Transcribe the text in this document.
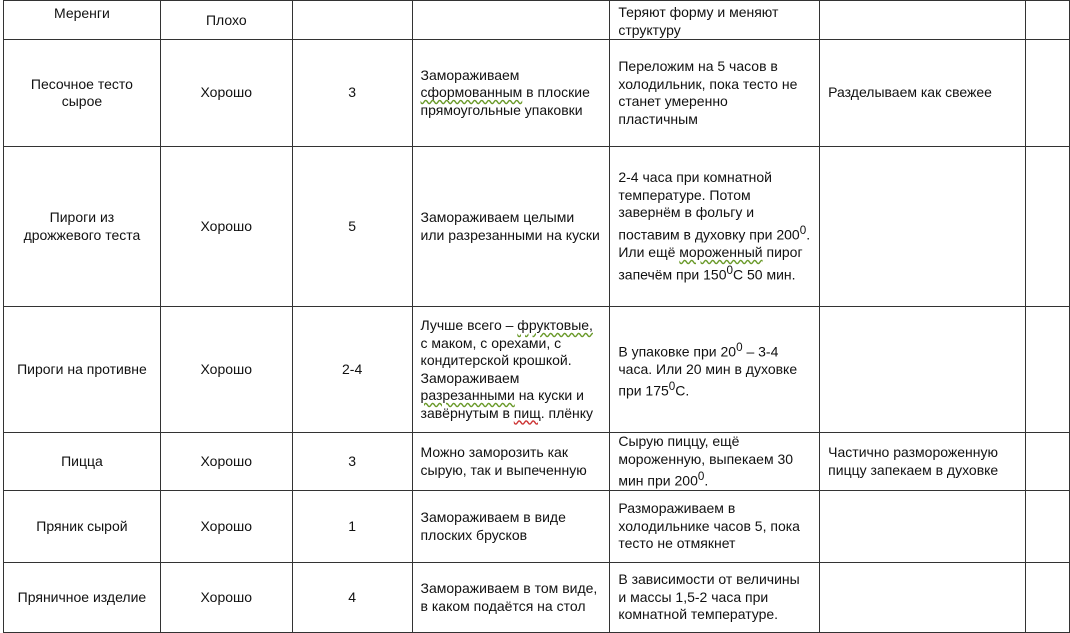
Меренги	Плохо			Теряют форму и меняют структуру		
Песочное тесто сырое	Хорошо	3	Замораживаем сформованным в плоские прямоугольные упаковки	Переложим на 5 часов в холодильник, пока тесто не станет умеренно пластичным	Разделываем как свежее	
Пироги из дрожжевого теста	Хорошо	5	Замораживаем целыми или разрезанными на куски	2-4 часа при комнатной температуре. Потом завернём в фольгу и поставим в духовку при $200^0$. Или ещё мороженный пирог запечём при $150^0С$ 50 мин.		
Пироги на противне	Хорошо	2-4	Лучше всего – фруктовые, с маком, с орехами, с кондитерской крошкой. Замораживаем разрезанными на куски и завёрнутым в пищ. плёнку	В упаковке при $20^0 - 3-4$ часа. Или 20 мин в духовке при $175^0С$.		
Пицца	Хорошо	3	Можно заморозить как сырую, так и выпеченную	Сырую пиццу, ещё мороженную, выпекаем 30 мин при $200^0$.	Частично размороженную пиццу запекаем в духовке	
Пряник сырой	Хорошо	1	Замораживаем в виде плоских брусков	Размораживаем в холодильнике часов 5, пока тесто не отмякнет		
Пряничное изделие	Хорошо	4	Замораживаем в том виде, в каком подаётся на стол	В зависимости от величины и массы 1,5-2 часа при комнатной температуре.		
